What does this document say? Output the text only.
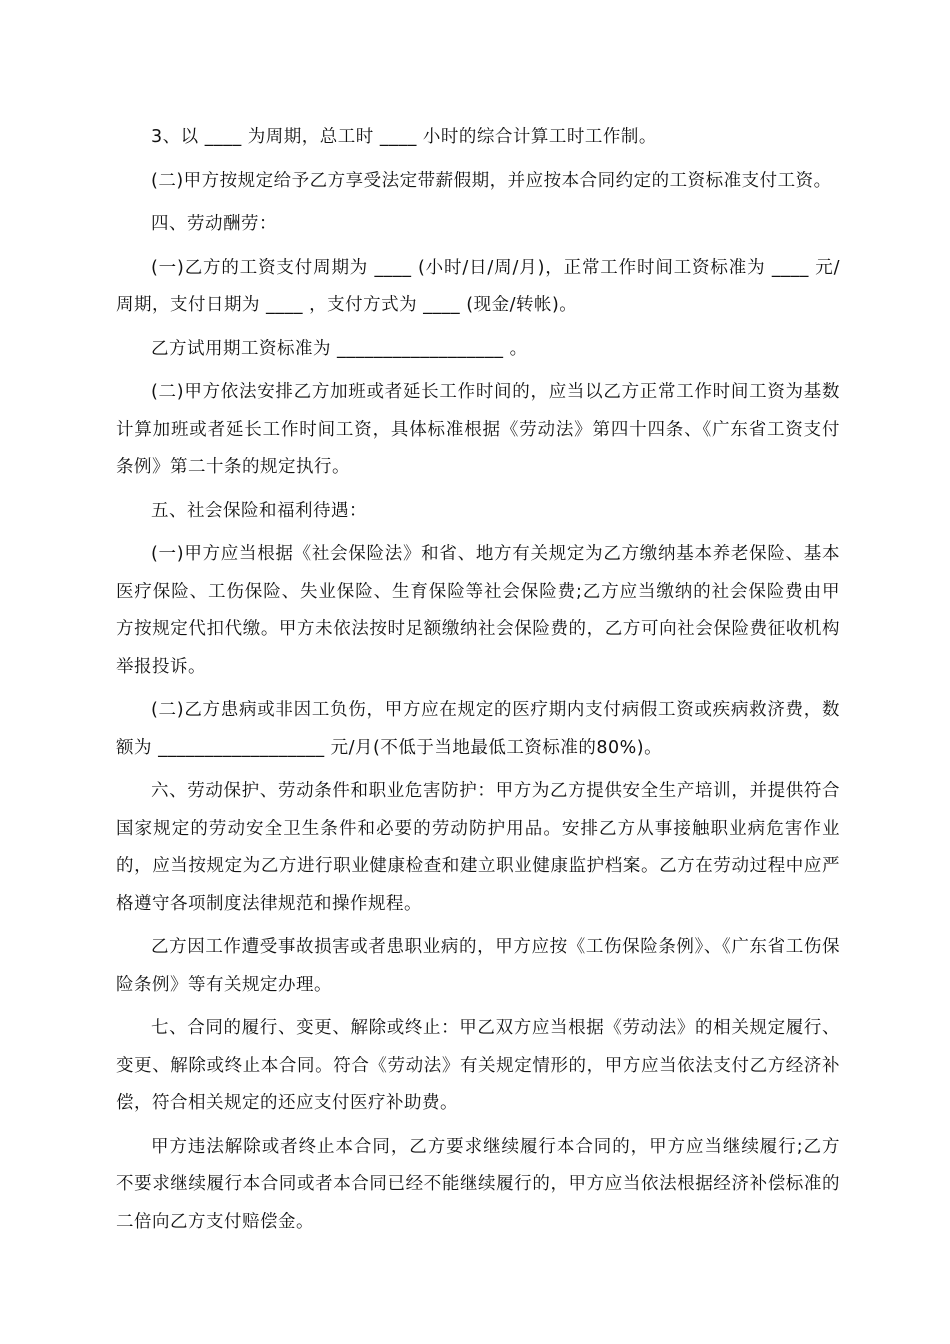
3、以 ____ 为周期，总工时 ____ 小时的综合计算工时工作制。

(二)甲方按规定给予乙方享受法定带薪假期，并应按本合同约定的工资标准支付工资。

四、劳动酬劳：

(一)乙方的工资支付周期为 ____ (小时/日/周/月)，正常工作时间工资标准为 ____ 元/周期，支付日期为 ____ ，支付方式为 ____ (现金/转帐)。

乙方试用期工资标准为 __________________ 。

(二)甲方依法安排乙方加班或者延长工作时间的，应当以乙方正常工作时间工资为基数计算加班或者延长工作时间工资，具体标准根据《劳动法》第四十四条、《广东省工资支付条例》第二十条的规定执行。

五、社会保险和福利待遇：

(一)甲方应当根据《社会保险法》和省、地方有关规定为乙方缴纳基本养老保险、基本医疗保险、工伤保险、失业保险、生育保险等社会保险费;乙方应当缴纳的社会保险费由甲方按规定代扣代缴。甲方未依法按时足额缴纳社会保险费的，乙方可向社会保险费征收机构举报投诉。

(二)乙方患病或非因工负伤，甲方应在规定的医疗期内支付病假工资或疾病救济费，数额为 __________________ 元/月(不低于当地最低工资标准的80%)。

六、劳动保护、劳动条件和职业危害防护：甲方为乙方提供安全生产培训，并提供符合国家规定的劳动安全卫生条件和必要的劳动防护用品。安排乙方从事接触职业病危害作业的，应当按规定为乙方进行职业健康检查和建立职业健康监护档案。乙方在劳动过程中应严格遵守各项制度法律规范和操作规程。

乙方因工作遭受事故损害或者患职业病的，甲方应按《工伤保险条例》、《广东省工伤保险条例》等有关规定办理。

七、合同的履行、变更、解除或终止：甲乙双方应当根据《劳动法》的相关规定履行、变更、解除或终止本合同。符合《劳动法》有关规定情形的，甲方应当依法支付乙方经济补偿，符合相关规定的还应支付医疗补助费。

甲方违法解除或者终止本合同，乙方要求继续履行本合同的，甲方应当继续履行;乙方不要求继续履行本合同或者本合同已经不能继续履行的，甲方应当依法根据经济补偿标准的二倍向乙方支付赔偿金。
